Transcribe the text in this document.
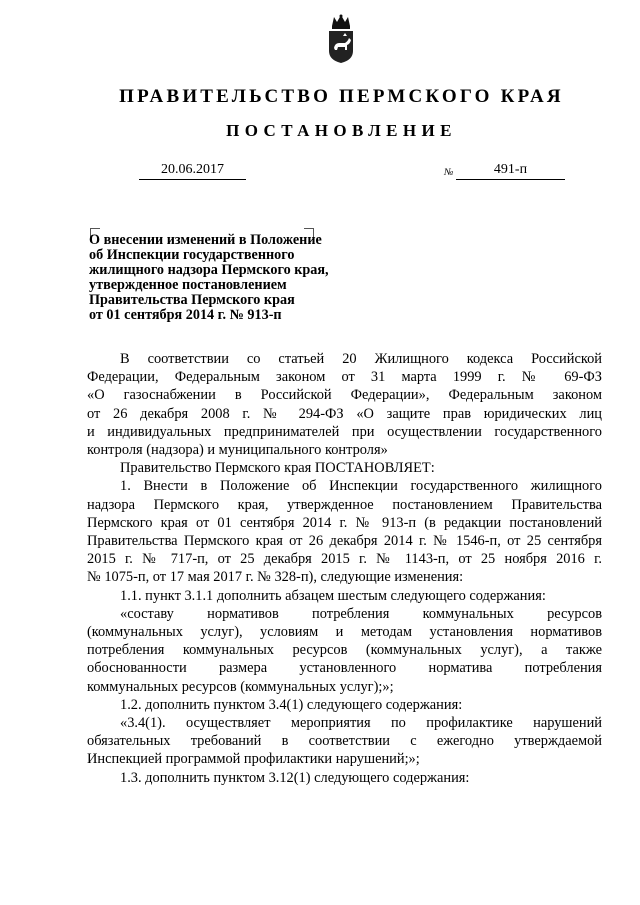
ПРАВИТЕЛЬСТВО ПЕРМСКОГО КРАЯ
ПОСТАНОВЛЕНИЕ
20.06.2017	№	491-п
О внесении изменений в Положение
об Инспекции государственного
жилищного надзора Пермского края,
утвержденное постановлением
Правительства Пермского края
от 01 сентября 2014 г. № 913-п

В соответствии со статьей 20 Жилищного кодекса Российской

Федерации, Федеральным законом от 31 марта 1999 г. № 69-ФЗ

«О газоснабжении в Российской Федерации», Федеральным законом

от 26 декабря 2008 г. № 294-ФЗ «О защите прав юридических лиц

и индивидуальных предпринимателей при осуществлении государственного

контроля (надзора) и муниципального контроля»

Правительство Пермского края ПОСТАНОВЛЯЕТ:

1. Внести в Положение об Инспекции государственного жилищного

надзора Пермского края, утвержденное постановлением Правительства

Пермского края от 01 сентября 2014 г. № 913-п (в редакции постановлений

Правительства Пермского края от 26 декабря 2014 г. № 1546-п, от 25 сентября

2015 г. № 717-п, от 25 декабря 2015 г. № 1143-п, от 25 ноября 2016 г.

№ 1075-п, от 17 мая 2017 г. № 328-п), следующие изменения:

1.1. пункт 3.1.1 дополнить абзацем шестым следующего содержания:

«составу нормативов потребления коммунальных ресурсов

(коммунальных услуг), условиям и методам установления нормативов

потребления коммунальных ресурсов (коммунальных услуг), а также

обоснованности размера установленного норматива потребления

коммунальных ресурсов (коммунальных услуг);»;

1.2. дополнить пунктом 3.4(1) следующего содержания:

«3.4(1). осуществляет мероприятия по профилактике нарушений

обязательных требований в соответствии с ежегодно утверждаемой

Инспекцией программой профилактики нарушений;»;

1.3. дополнить пунктом 3.12(1) следующего содержания:
